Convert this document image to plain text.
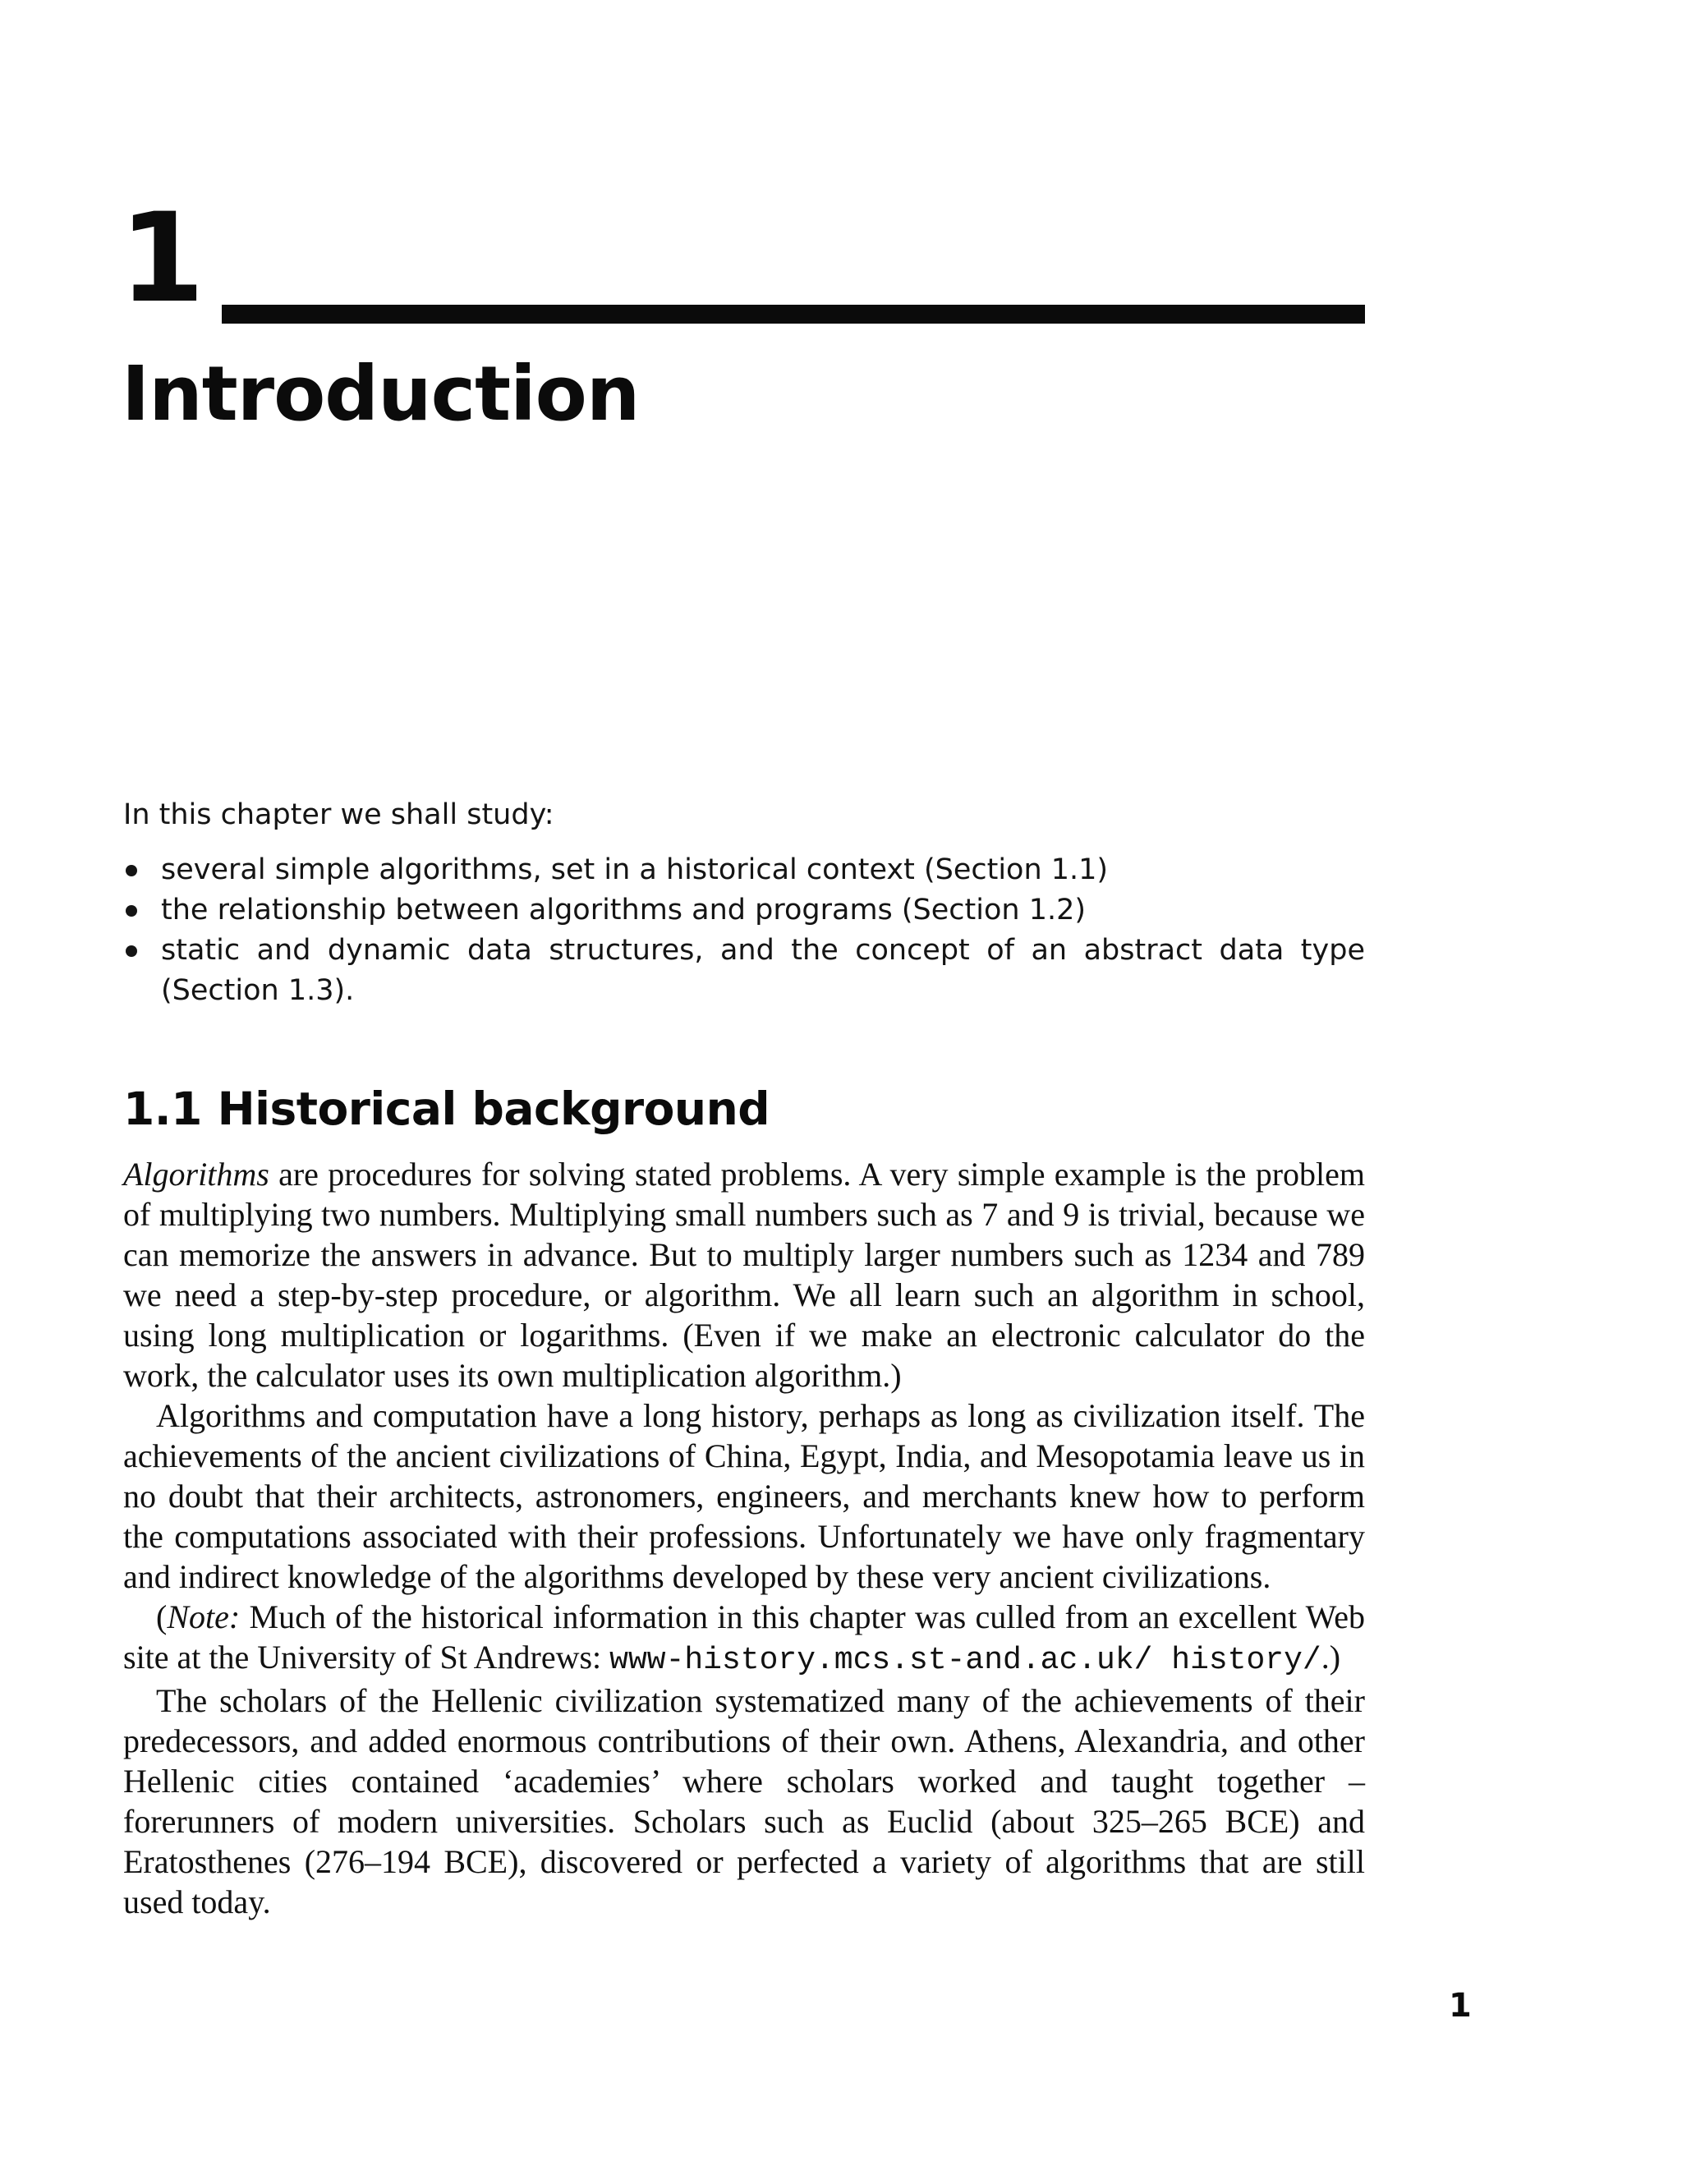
1
Introduction
In this chapter we shall study:
several simple algorithms, set in a historical context (Section 1.1)
the relationship between algorithms and programs (Section 1.2)
static and dynamic data structures, and the concept of an abstract data type (Section 1.3).
1.1 Historical background

Algorithms are procedures for solving stated problems. A very simple example is the problem of multiplying two numbers. Multiplying small numbers such as 7 and 9 is trivial, because we can memorize the answers in advance. But to multiply larger numbers such as 1234 and 789 we need a step-by-step procedure, or algorithm. We all learn such an algorithm in school, using long multiplication or logarithms. (Even if we make an electronic calculator do the work, the calculator uses its own multiplication algorithm.)

Algorithms and computation have a long history, perhaps as long as civilization itself. The achievements of the ancient civilizations of China, Egypt, India, and Mesopotamia leave us in no doubt that their architects, astronomers, engineers, and merchants knew how to perform the computations associated with their professions. Unfortunately we have only fragmentary and indirect knowledge of the algorithms developed by these very ancient civilizations.

(Note: Much of the historical information in this chapter was culled from an excellent Web site at the University of St Andrews: www-history.mcs.st-and.ac.uk/ history/.)

The scholars of the Hellenic civilization systematized many of the achievements of their predecessors, and added enormous contributions of their own. Athens, Alexandria, and other Hellenic cities contained ‘academies’ where scholars worked and taught together – forerunners of modern universities. Scholars such as Euclid (about 325–265 BCE) and Eratosthenes (276–194 BCE), discovered or perfected a variety of algorithms that are still used today.

1
